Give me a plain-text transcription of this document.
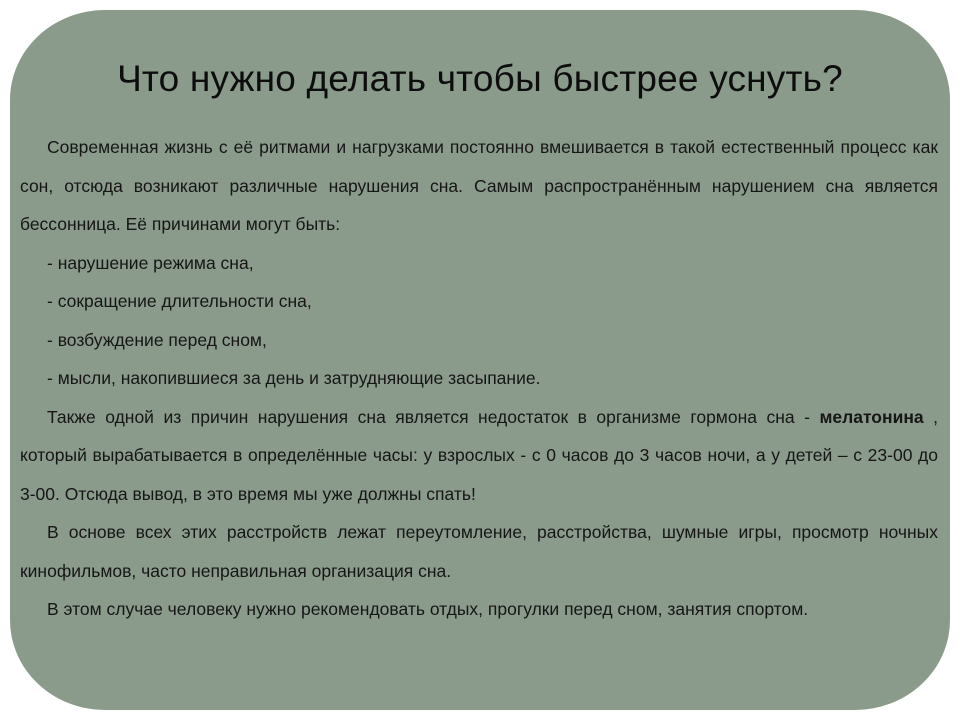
Что нужно делать чтобы быстрее уснуть?

Современная жизнь с её ритмами и нагрузками постоянно вмешивается в такой естественный процесс как сон, отсюда возникают различные нарушения сна. Самым распространённым нарушением сна является бессонница. Её причинами могут быть:

- нарушение режима сна,

- сокращение длительности сна,

- возбуждение перед сном,

- мысли, накопившиеся за день и затрудняющие засыпание.

Также одной из причин нарушения сна является недостаток в организме гормона сна - мелатонина , который вырабатывается в определённые часы: у взрослых - с 0 часов до 3 часов ночи, а у детей – с 23-00 до 3-00. Отсюда вывод, в это время мы уже должны спать!

В основе всех этих расстройств лежат переутомление, расстройства, шумные игры, просмотр ночных кинофильмов, часто неправильная организация сна.

В этом случае человеку нужно рекомендовать отдых, прогулки перед сном, занятия спортом.
